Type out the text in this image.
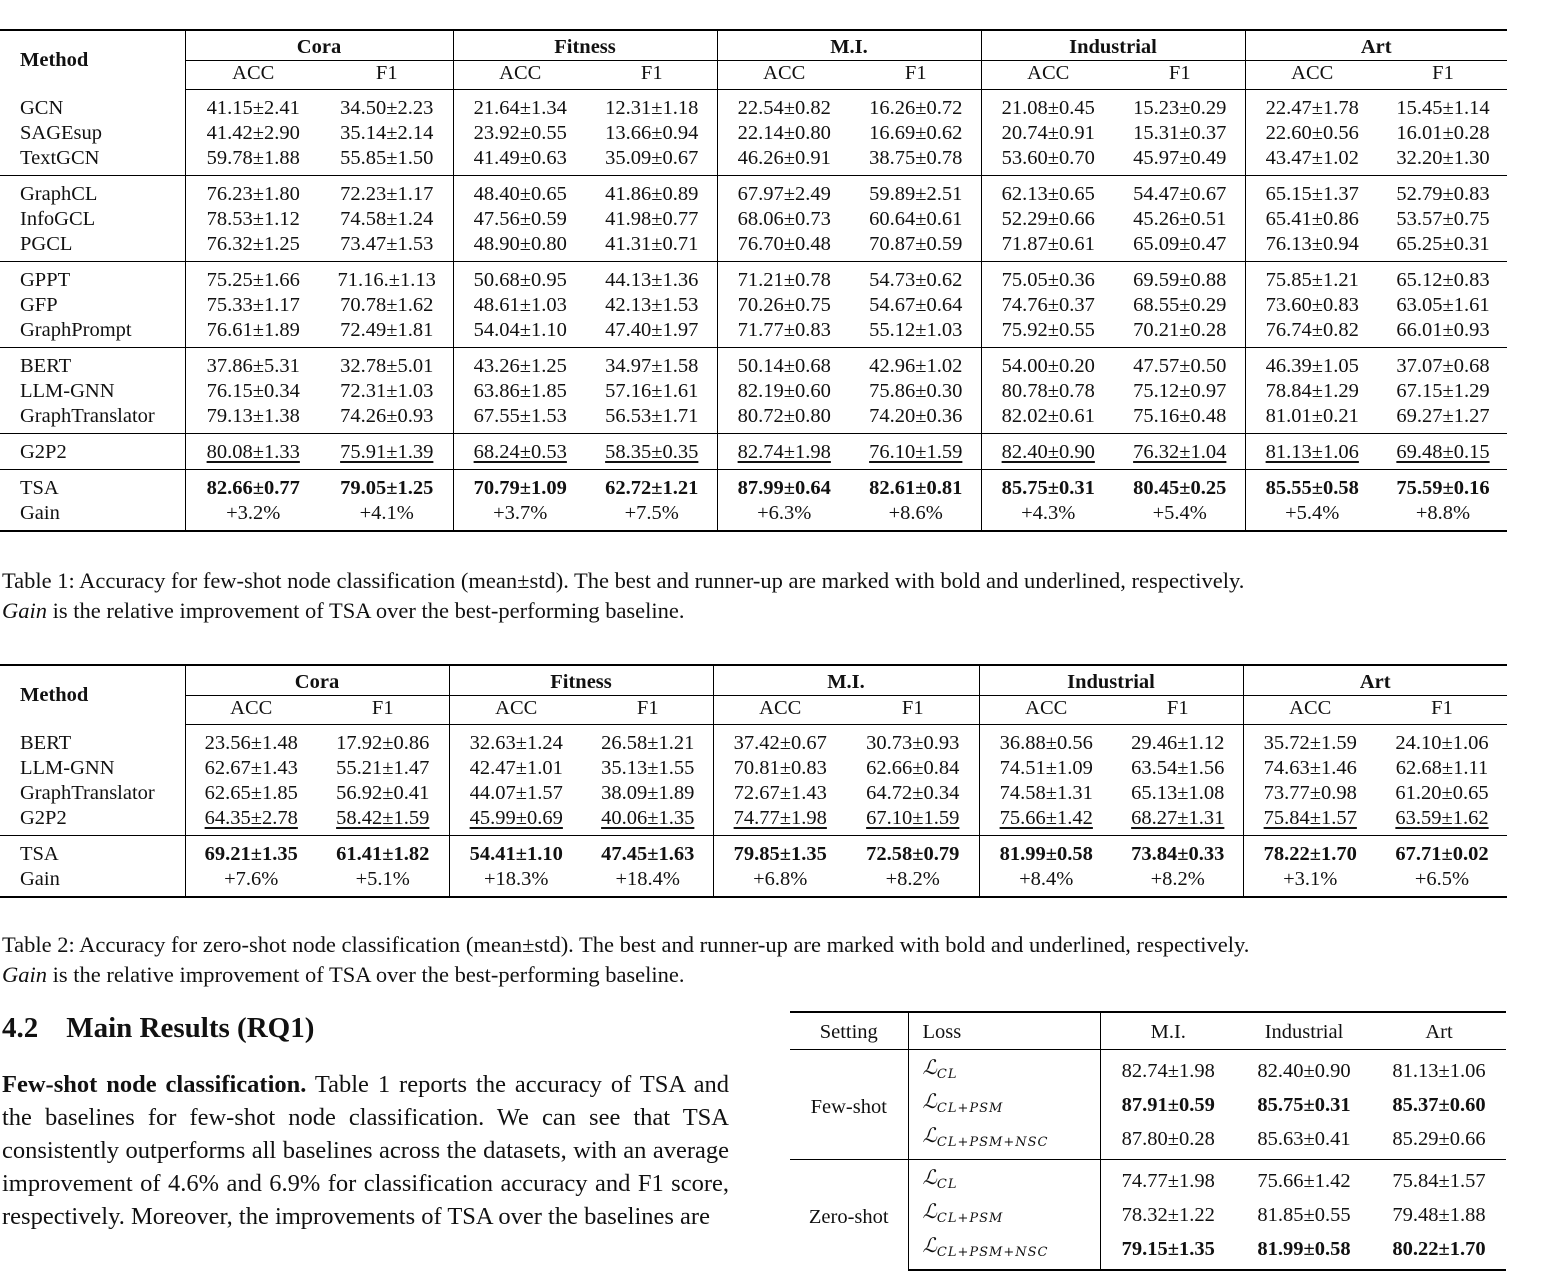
Method	Cora		Fitness		M.I.		Industrial		Art	
	ACC	F1	ACC	F1	ACC	F1	ACC	F1	ACC	F1
GCN	41.15±2.41	34.50±2.23	21.64±1.34	12.31±1.18	22.54±0.82	16.26±0.72	21.08±0.45	15.23±0.29	22.47±1.78	15.45±1.14
SAGEsup	41.42±2.90	35.14±2.14	23.92±0.55	13.66±0.94	22.14±0.80	16.69±0.62	20.74±0.91	15.31±0.37	22.60±0.56	16.01±0.28
TextGCN	59.78±1.88	55.85±1.50	41.49±0.63	35.09±0.67	46.26±0.91	38.75±0.78	53.60±0.70	45.97±0.49	43.47±1.02	32.20±1.30
GraphCL	76.23±1.80	72.23±1.17	48.40±0.65	41.86±0.89	67.97±2.49	59.89±2.51	62.13±0.65	54.47±0.67	65.15±1.37	52.79±0.83
InfoGCL	78.53±1.12	74.58±1.24	47.56±0.59	41.98±0.77	68.06±0.73	60.64±0.61	52.29±0.66	45.26±0.51	65.41±0.86	53.57±0.75
PGCL	76.32±1.25	73.47±1.53	48.90±0.80	41.31±0.71	76.70±0.48	70.87±0.59	71.87±0.61	65.09±0.47	76.13±0.94	65.25±0.31
GPPT	75.25±1.66	71.16.±1.13	50.68±0.95	44.13±1.36	71.21±0.78	54.73±0.62	75.05±0.36	69.59±0.88	75.85±1.21	65.12±0.83
GFP	75.33±1.17	70.78±1.62	48.61±1.03	42.13±1.53	70.26±0.75	54.67±0.64	74.76±0.37	68.55±0.29	73.60±0.83	63.05±1.61
GraphPrompt	76.61±1.89	72.49±1.81	54.04±1.10	47.40±1.97	71.77±0.83	55.12±1.03	75.92±0.55	70.21±0.28	76.74±0.82	66.01±0.93
BERT	37.86±5.31	32.78±5.01	43.26±1.25	34.97±1.58	50.14±0.68	42.96±1.02	54.00±0.20	47.57±0.50	46.39±1.05	37.07±0.68
LLM-GNN	76.15±0.34	72.31±1.03	63.86±1.85	57.16±1.61	82.19±0.60	75.86±0.30	80.78±0.78	75.12±0.97	78.84±1.29	67.15±1.29
GraphTranslator	79.13±1.38	74.26±0.93	67.55±1.53	56.53±1.71	80.72±0.80	74.20±0.36	82.02±0.61	75.16±0.48	81.01±0.21	69.27±1.27
G2P2	80.08±1.33	75.91±1.39	68.24±0.53	58.35±0.35	82.74±1.98	76.10±1.59	82.40±0.90	76.32±1.04	81.13±1.06	69.48±0.15
TSA	82.66±0.77	79.05±1.25	70.79±1.09	62.72±1.21	87.99±0.64	82.61±0.81	85.75±0.31	80.45±0.25	85.55±0.58	75.59±0.16
Gain	+3.2%	+4.1%	+3.7%	+7.5%	+6.3%	+8.6%	+4.3%	+5.4%	+5.4%	+8.8%
Table 1: Accuracy for few-shot node classification (mean±std). The best and runner-up are marked with bold and underlined, respectively.
Gain is the relative improvement of TSA over the best-performing baseline.
Method	Cora		Fitness		M.I.		Industrial		Art	
	ACC	F1	ACC	F1	ACC	F1	ACC	F1	ACC	F1
BERT	23.56±1.48	17.92±0.86	32.63±1.24	26.58±1.21	37.42±0.67	30.73±0.93	36.88±0.56	29.46±1.12	35.72±1.59	24.10±1.06
LLM-GNN	62.67±1.43	55.21±1.47	42.47±1.01	35.13±1.55	70.81±0.83	62.66±0.84	74.51±1.09	63.54±1.56	74.63±1.46	62.68±1.11
GraphTranslator	62.65±1.85	56.92±0.41	44.07±1.57	38.09±1.89	72.67±1.43	64.72±0.34	74.58±1.31	65.13±1.08	73.77±0.98	61.20±0.65
G2P2	64.35±2.78	58.42±1.59	45.99±0.69	40.06±1.35	74.77±1.98	67.10±1.59	75.66±1.42	68.27±1.31	75.84±1.57	63.59±1.62
TSA	69.21±1.35	61.41±1.82	54.41±1.10	47.45±1.63	79.85±1.35	72.58±0.79	81.99±0.58	73.84±0.33	78.22±1.70	67.71±0.02
Gain	+7.6%	+5.1%	+18.3%	+18.4%	+6.8%	+8.2%	+8.4%	+8.2%	+3.1%	+6.5%
Table 2: Accuracy for zero-shot node classification (mean±std). The best and runner-up are marked with bold and underlined, respectively.
Gain is the relative improvement of TSA over the best-performing baseline.
4.2 Main Results (RQ1)
Few-shot node classification. Table 1 reports the accuracy of TSA and the baselines for few-shot node classification. We can see that TSA consistently outperforms all baselines across the datasets, with an average improvement of 4.6% and 6.9% for classification accuracy and F1 score, respectively. Moreover, the improvements of TSA over the baselines are
Setting	Loss	M.I.	Industrial	Art
Few-shot	ℒ$_{CL}$	82.74±1.98	82.40±0.90	81.13±1.06
	ℒ$_{CL+PSM}$	87.91±0.59	85.75±0.31	85.37±0.60
	ℒ$_{CL+PSM+NSC}$	87.80±0.28	85.63±0.41	85.29±0.66
Zero-shot	ℒ$_{CL}$	74.77±1.98	75.66±1.42	75.84±1.57
	ℒ$_{CL+PSM}$	78.32±1.22	81.85±0.55	79.48±1.88
	ℒ$_{CL+PSM+NSC}$	79.15±1.35	81.99±0.58	80.22±1.70
